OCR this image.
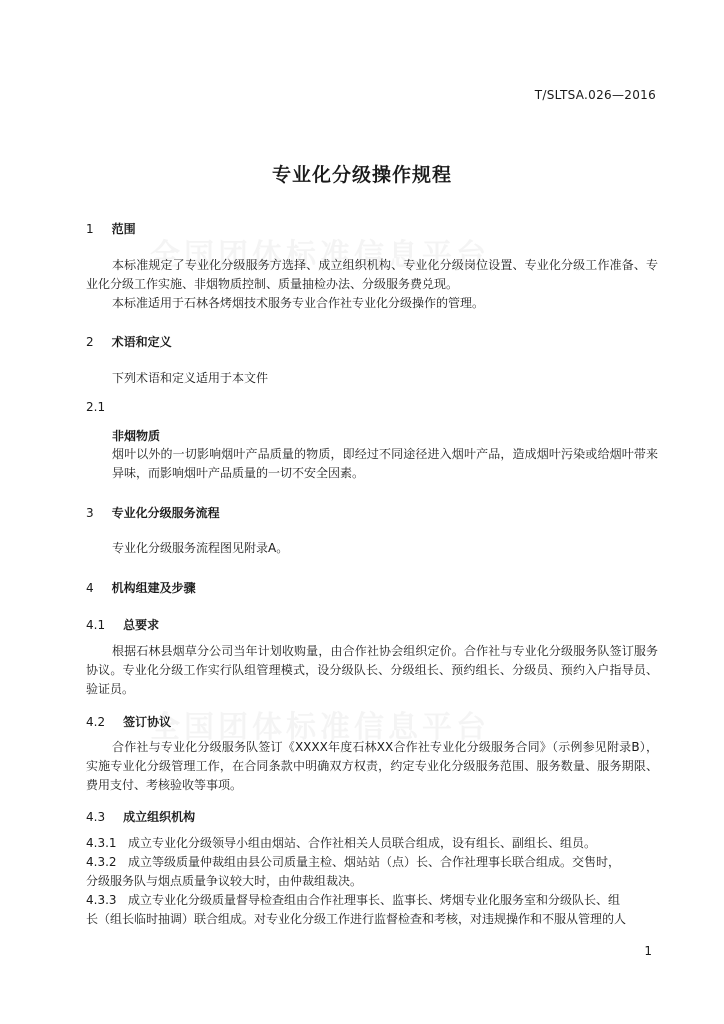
T/SLTSA.026—2016
专业化分级操作规程
1 范围
本标准规定了专业化分级服务方选择、成立组织机构、专业化分级岗位设置、专业化分级工作准备、专业化分级工作实施、非烟物质控制、质量抽检办法、分级服务费兑现。
本标准适用于石林各烤烟技术服务专业合作社专业化分级操作的管理。
2 术语和定义
下列术语和定义适用于本文件
2.1
非烟物质
烟叶以外的一切影响烟叶产品质量的物质，即经过不同途径进入烟叶产品，造成烟叶污染或给烟叶带来异味，而影响烟叶产品质量的一切不安全因素。
3 专业化分级服务流程
专业化分级服务流程图见附录A。
4 机构组建及步骤
4.1 总要求
根据石林县烟草分公司当年计划收购量，由合作社协会组织定价。合作社与专业化分级服务队签订服务协议。专业化分级工作实行队组管理模式，设分级队长、分级组长、预约组长、分级员、预约入户指导员、验证员。
4.2 签订协议
合作社与专业化分级服务队签订《XXXX年度石林XX合作社专业化分级服务合同》（示例参见附录B），实施专业化分级管理工作，在合同条款中明确双方权责，约定专业化分级服务范围、服务数量、服务期限、费用支付、考核验收等事项。
4.3 成立组织机构
4.3.1 成立专业化分级领导小组由烟站、合作社相关人员联合组成，设有组长、副组长、组员。
4.3.2 成立等级质量仲裁组由县公司质量主检、烟站站（点）长、合作社理事长联合组成。交售时，
分级服务队与烟点质量争议较大时，由仲裁组裁决。
4.3.3 成立专业化分级质量督导检查组由合作社理事长、监事长、烤烟专业化服务室和分级队长、组
长（组长临时抽调）联合组成。对专业化分级工作进行监督检查和考核，对违规操作和不服从管理的人
1
